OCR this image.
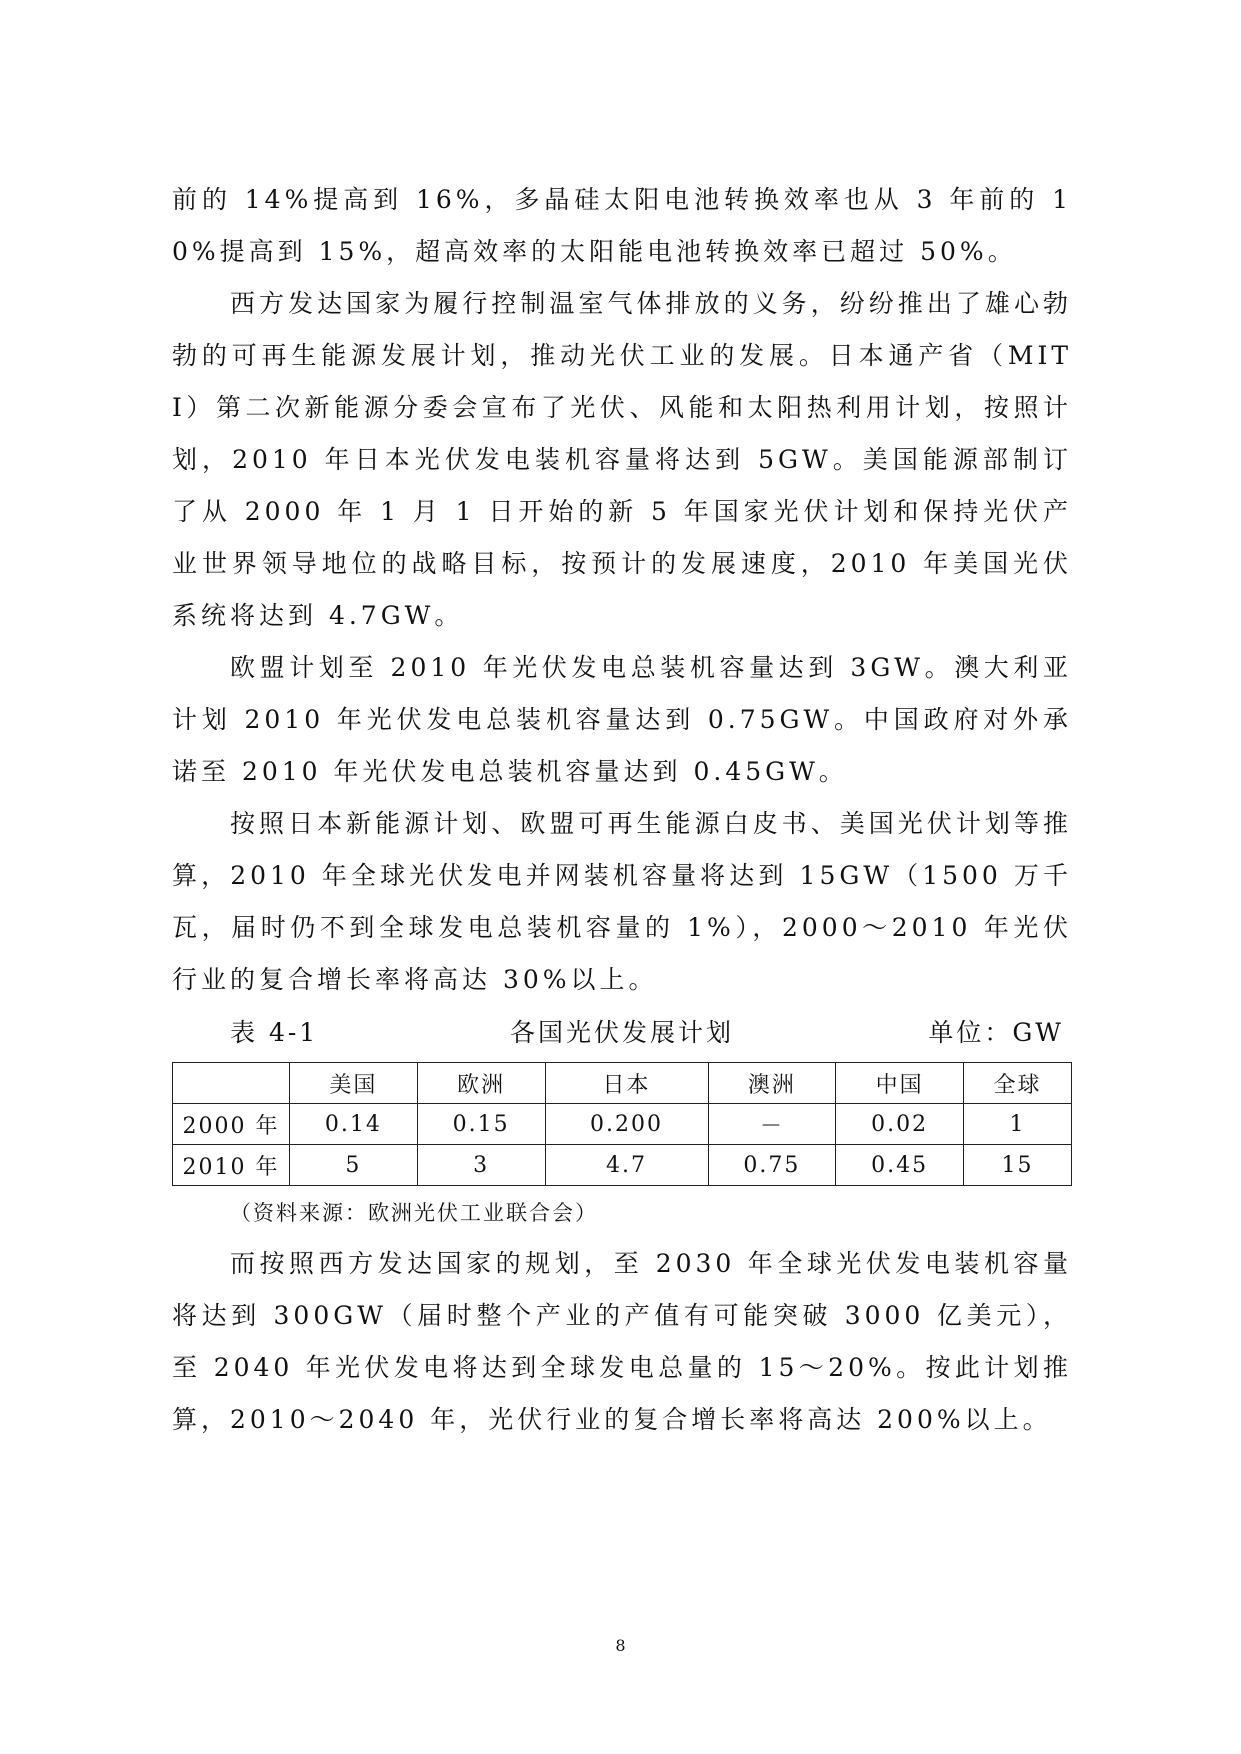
前的 14%提高到 16%，多晶硅太阳电池转换效率也从 3 年前的 10%提高到 15%，超高效率的太阳能电池转换效率已超过 50%。

西方发达国家为履行控制温室气体排放的义务，纷纷推出了雄心勃勃的可再生能源发展计划，推动光伏工业的发展。日本通产省（MITI）第二次新能源分委会宣布了光伏、风能和太阳热利用计划，按照计划，2010 年日本光伏发电装机容量将达到 5GW。美国能源部制订了从 2000 年 1 月 1 日开始的新 5 年国家光伏计划和保持光伏产业世界领导地位的战略目标，按预计的发展速度，2010 年美国光伏系统将达到 4.7GW。

欧盟计划至 2010 年光伏发电总装机容量达到 3GW。澳大利亚计划 2010 年光伏发电总装机容量达到 0.75GW。中国政府对外承诺至 2010 年光伏发电总装机容量达到 0.45GW。

按照日本新能源计划、欧盟可再生能源白皮书、美国光伏计划等推算，2010 年全球光伏发电并网装机容量将达到 15GW（1500 万千瓦，届时仍不到全球发电总装机容量的 1%），2000～2010 年光伏行业的复合增长率将高达 30%以上。

表 4-1	各国光伏发展计划	单位：GW
	美国	欧洲	日本	澳洲	中国	全球
2000 年	0.14	0.15	0.200	－	0.02	1
2010 年	5	3	4.7	0.75	0.45	15
（资料来源：欧洲光伏工业联合会）

而按照西方发达国家的规划，至 2030 年全球光伏发电装机容量将达到 300GW（届时整个产业的产值有可能突破 3000 亿美元），至 2040 年光伏发电将达到全球发电总量的 15～20%。按此计划推算，2010～2040 年，光伏行业的复合增长率将高达 200%以上。

8
